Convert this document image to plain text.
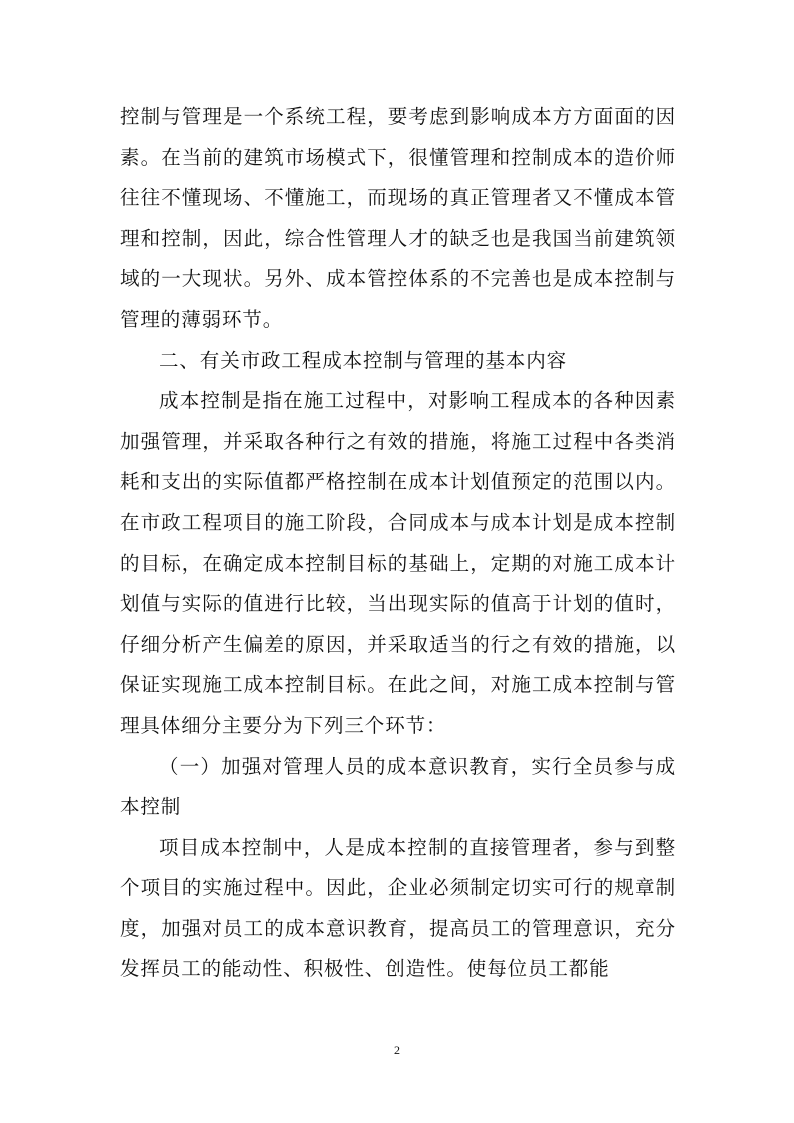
控制与管理是一个系统工程，要考虑到影响成本方方面面的因素。在当前的建筑市场模式下，很懂管理和控制成本的造价师往往不懂现场、不懂施工，而现场的真正管理者又不懂成本管理和控制，因此，综合性管理人才的缺乏也是我国当前建筑领域的一大现状。另外、成本管控体系的不完善也是成本控制与管理的薄弱环节。

二、有关市政工程成本控制与管理的基本内容

成本控制是指在施工过程中，对影响工程成本的各种因素加强管理，并采取各种行之有效的措施，将施工过程中各类消耗和支出的实际值都严格控制在成本计划值预定的范围以内。在市政工程项目的施工阶段，合同成本与成本计划是成本控制的目标，在确定成本控制目标的基础上，定期的对施工成本计划值与实际的值进行比较，当出现实际的值高于计划的值时，仔细分析产生偏差的原因，并采取适当的行之有效的措施，以保证实现施工成本控制目标。在此之间，对施工成本控制与管理具体细分主要分为下列三个环节：

（一）加强对管理人员的成本意识教育，实行全员参与成本控制

项目成本控制中，人是成本控制的直接管理者，参与到整个项目的实施过程中。因此，企业必须制定切实可行的规章制度，加强对员工的成本意识教育，提高员工的管理意识，充分发挥员工的能动性、积极性、创造性。使每位员工都能

2
